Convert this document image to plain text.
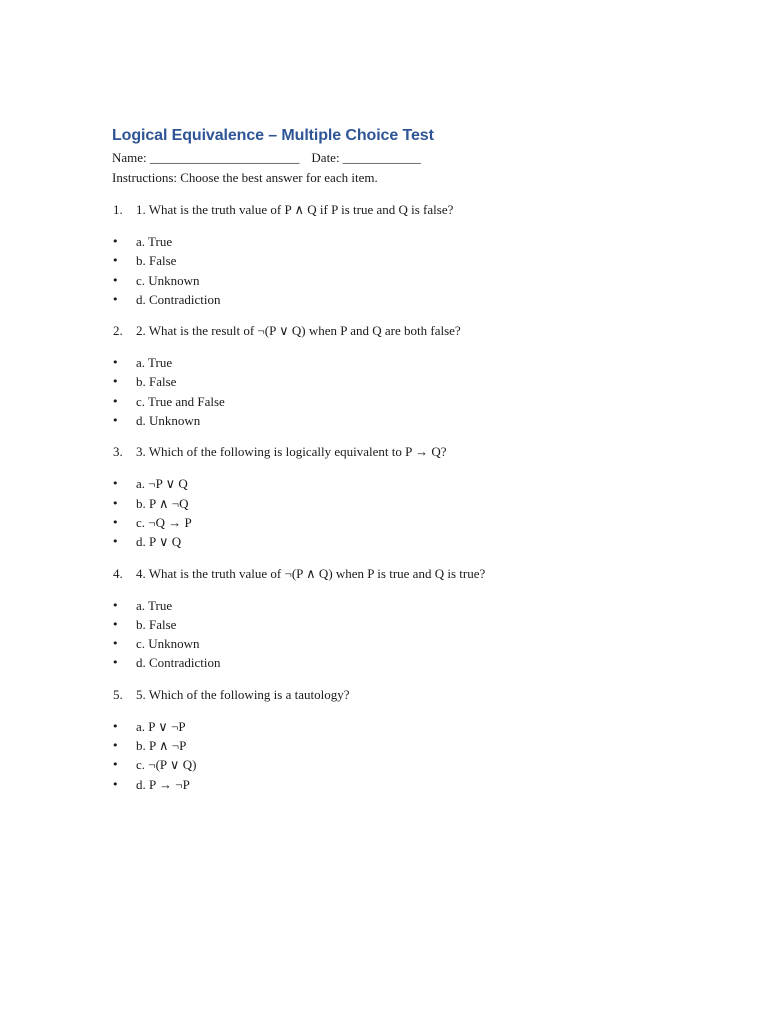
Logical Equivalence – Multiple Choice Test
Name: _______________________ Date: ____________
Instructions: Choose the best answer for each item.
1. 1. What is the truth value of P ∧ Q if P is true and Q is false?
• a. True
• b. False
• c. Unknown
• d. Contradiction
2. 2. What is the result of ¬(P ∨ Q) when P and Q are both false?
• a. True
• b. False
• c. True and False
• d. Unknown
3. 3. Which of the following is logically equivalent to P → Q?
• a. ¬P ∨ Q
• b. P ∧ ¬Q
• c. ¬Q → P
• d. P ∨ Q
4. 4. What is the truth value of ¬(P ∧ Q) when P is true and Q is true?
• a. True
• b. False
• c. Unknown
• d. Contradiction
5. 5. Which of the following is a tautology?
• a. P ∨ ¬P
• b. P ∧ ¬P
• c. ¬(P ∨ Q)
• d. P → ¬P
